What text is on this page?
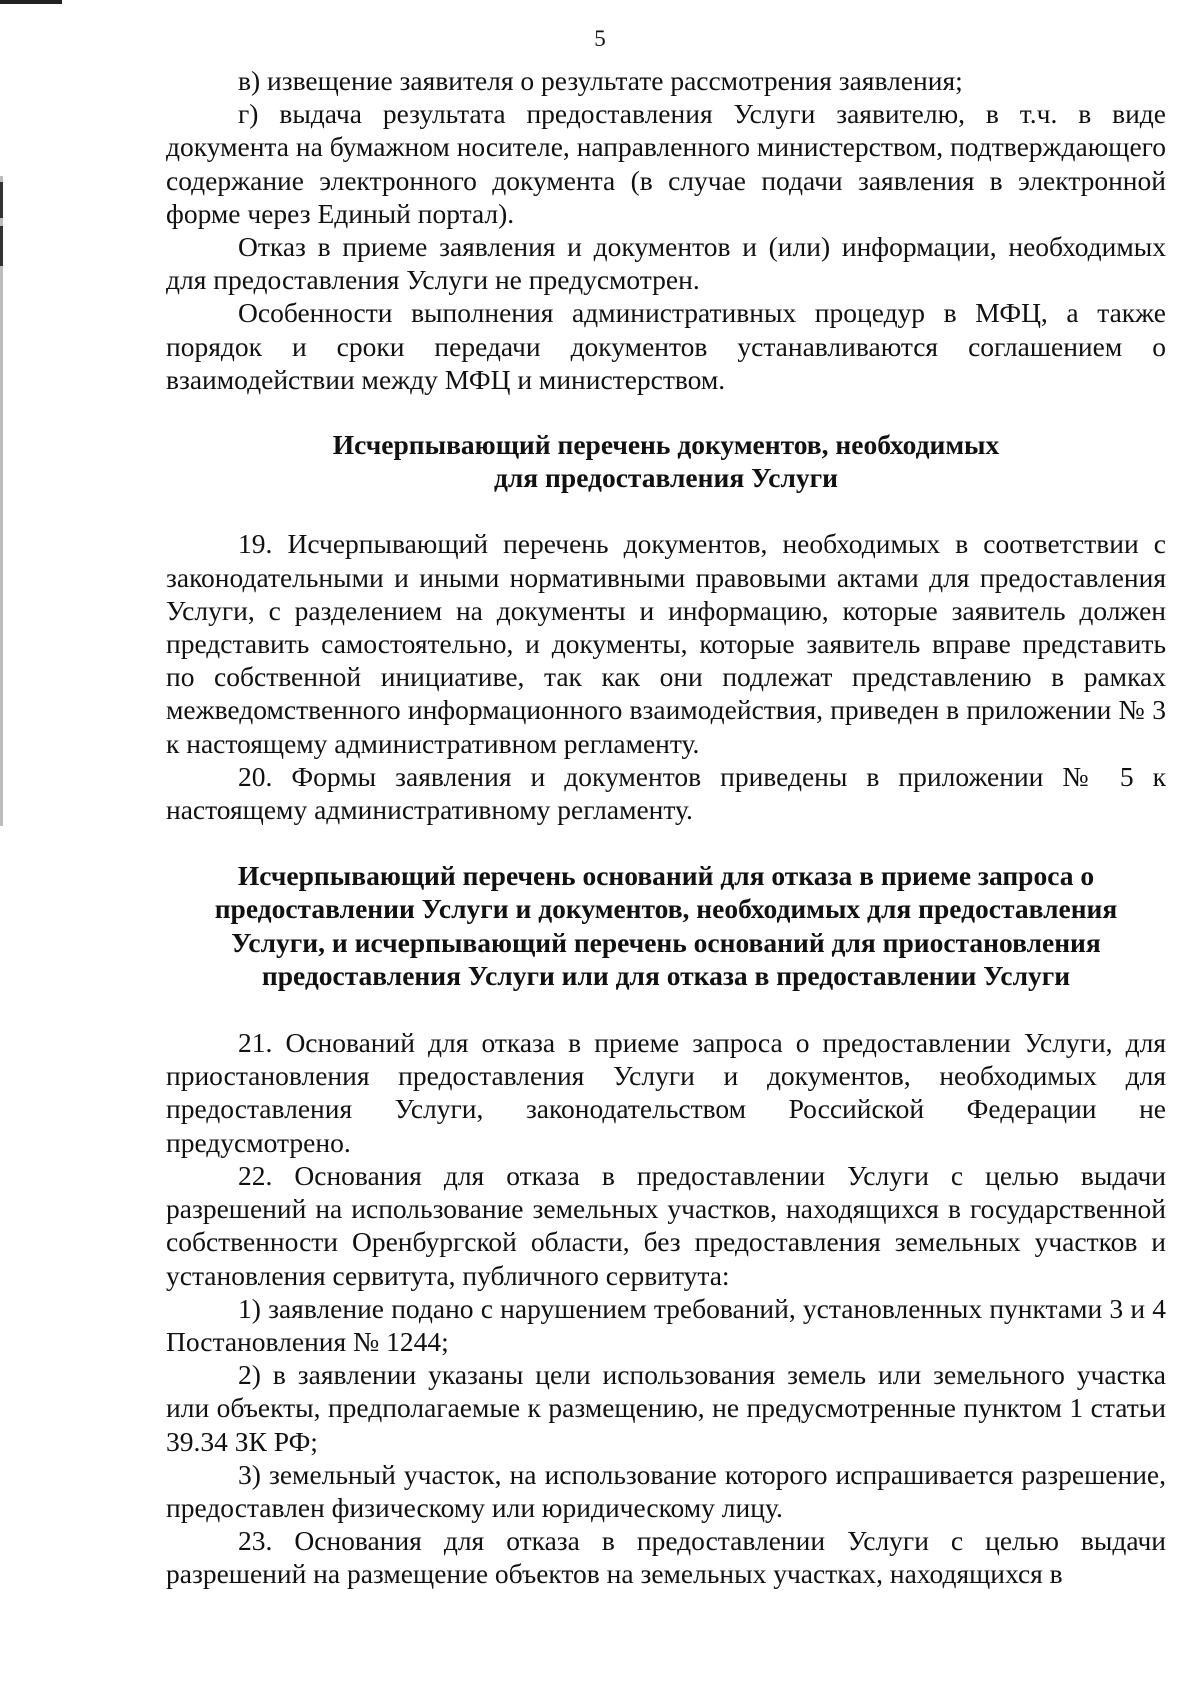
5

в) извещение заявителя о результате рассмотрения заявления;

г) выдача результата предоставления Услуги заявителю, в т.ч. в виде документа на бумажном носителе, направленного министерством, подтверждающего содержание электронного документа (в случае подачи заявления в электронной форме через Единый портал).

Отказ в приеме заявления и документов и (или) информации, необходимых для предоставления Услуги не предусмотрен.

Особенности выполнения административных процедур в МФЦ, а также порядок и сроки передачи документов устанавливаются соглашением о взаимодействии между МФЦ и министерством.

Исчерпывающий перечень документов, необходимых
для предоставления Услуги

19. Исчерпывающий перечень документов, необходимых в соответствии с законодательными и иными нормативными правовыми актами для предоставления Услуги, с разделением на документы и информацию, которые заявитель должен представить самостоятельно, и документы, которые заявитель вправе представить по собственной инициативе, так как они подлежат представлению в рамках межведомственного информационного взаимодействия, приведен в приложении № 3 к настоящему административном регламенту.

20. Формы заявления и документов приведены в приложении № 5 к настоящему административному регламенту.

Исчерпывающий перечень оснований для отказа в приеме запроса о
предоставлении Услуги и документов, необходимых для предоставления
Услуги, и исчерпывающий перечень оснований для приостановления
предоставления Услуги или для отказа в предоставлении Услуги

21. Оснований для отказа в приеме запроса о предоставлении Услуги, для приостановления предоставления Услуги и документов, необходимых для предоставления Услуги, законодательством Российской Федерации не предусмотрено.

22. Основания для отказа в предоставлении Услуги с целью выдачи разрешений на использование земельных участков, находящихся в государственной собственности Оренбургской области, без предоставления земельных участков и установления сервитута, публичного сервитута:

1) заявление подано с нарушением требований, установленных пунктами 3 и 4 Постановления № 1244;

2) в заявлении указаны цели использования земель или земельного участка или объекты, предполагаемые к размещению, не предусмотренные пунктом 1 статьи 39.34 ЗК РФ;

3) земельный участок, на использование которого испрашивается разрешение, предоставлен физическому или юридическому лицу.

23. Основания для отказа в предоставлении Услуги с целью выдачи разрешений на размещение объектов на земельных участках, находящихся в
